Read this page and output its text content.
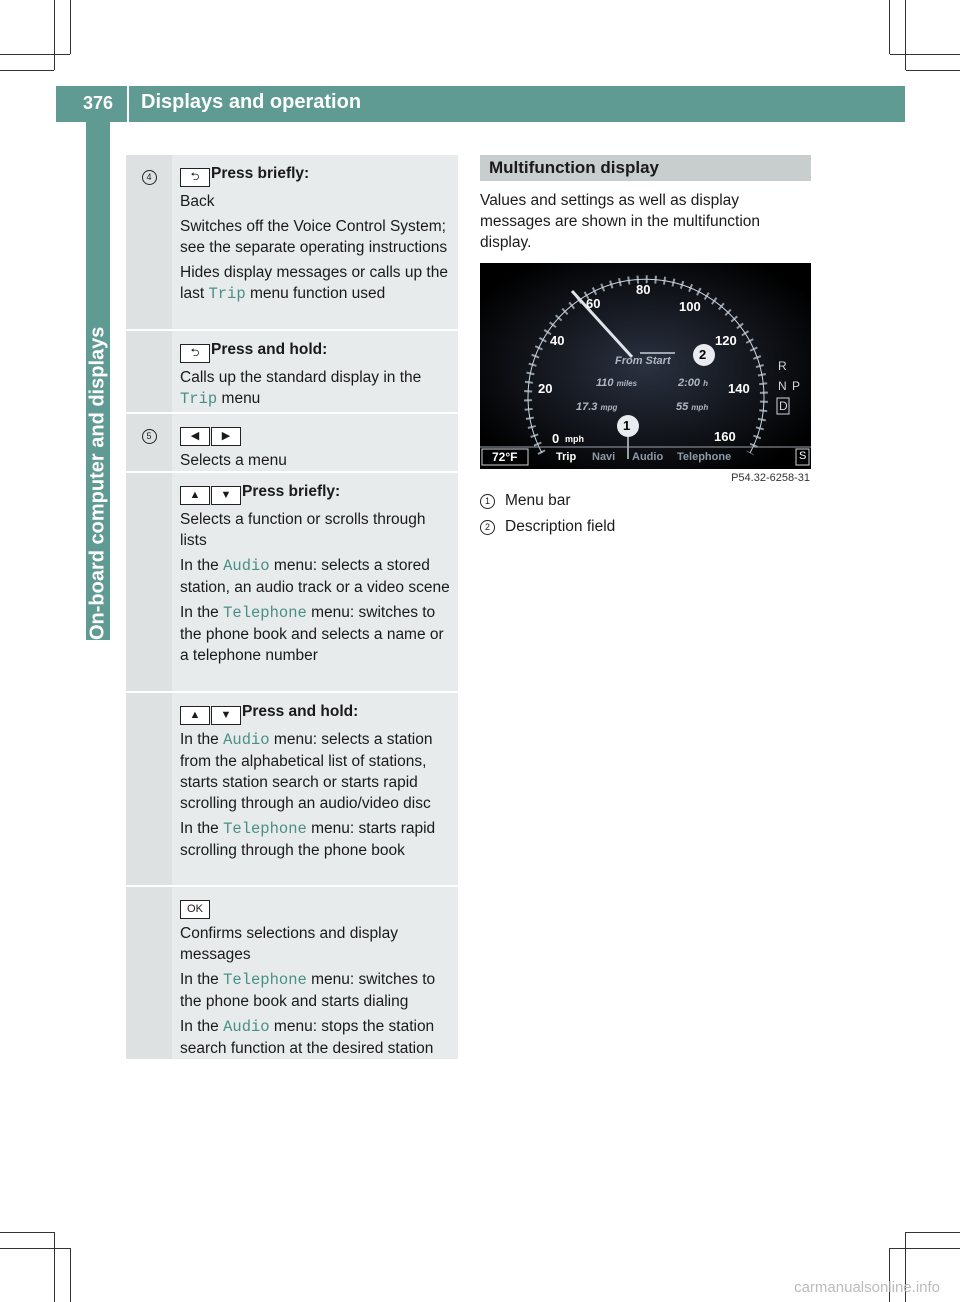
376 Displays and operation
On-board computer and displays
4	⮌ Press briefly:

Back

Switches off the Voice Control System; see the separate operating instructions

Hides display messages or calls up the last Trip menu function used

⮌ Press and hold:

Calls up the standard display in the Trip menu

5	◀ ▶

Selects a menu

▲ ▼ Press briefly:

Selects a function or scrolls through lists

In the Audio menu: selects a stored station, an audio track or a video scene

In the Telephone menu: switches to the phone book and selects a name or a telephone number

▲ ▼ Press and hold:

In the Audio menu: selects a station from the alphabetical list of stations, starts station search or starts rapid scrolling through an audio/video disc

In the Telephone menu: starts rapid scrolling through the phone book

OK

Confirms selections and display messages

In the Telephone menu: switches to the phone book and starts dialing

In the Audio menu: stops the station search function at the desired station

Multifunction display
Values and settings as well as display messages are shown in the multifunction display.
0 mph
20
40
60
80
100
120
140
160
From Start
110 miles	2:00 h
17.3 mpg	55 mph
1
2
R
N P
D
72°F	Trip Navi Audio Telephone	S
P54.32-6258-31
1 Menu bar
2 Description field
carmanualsonline.info
